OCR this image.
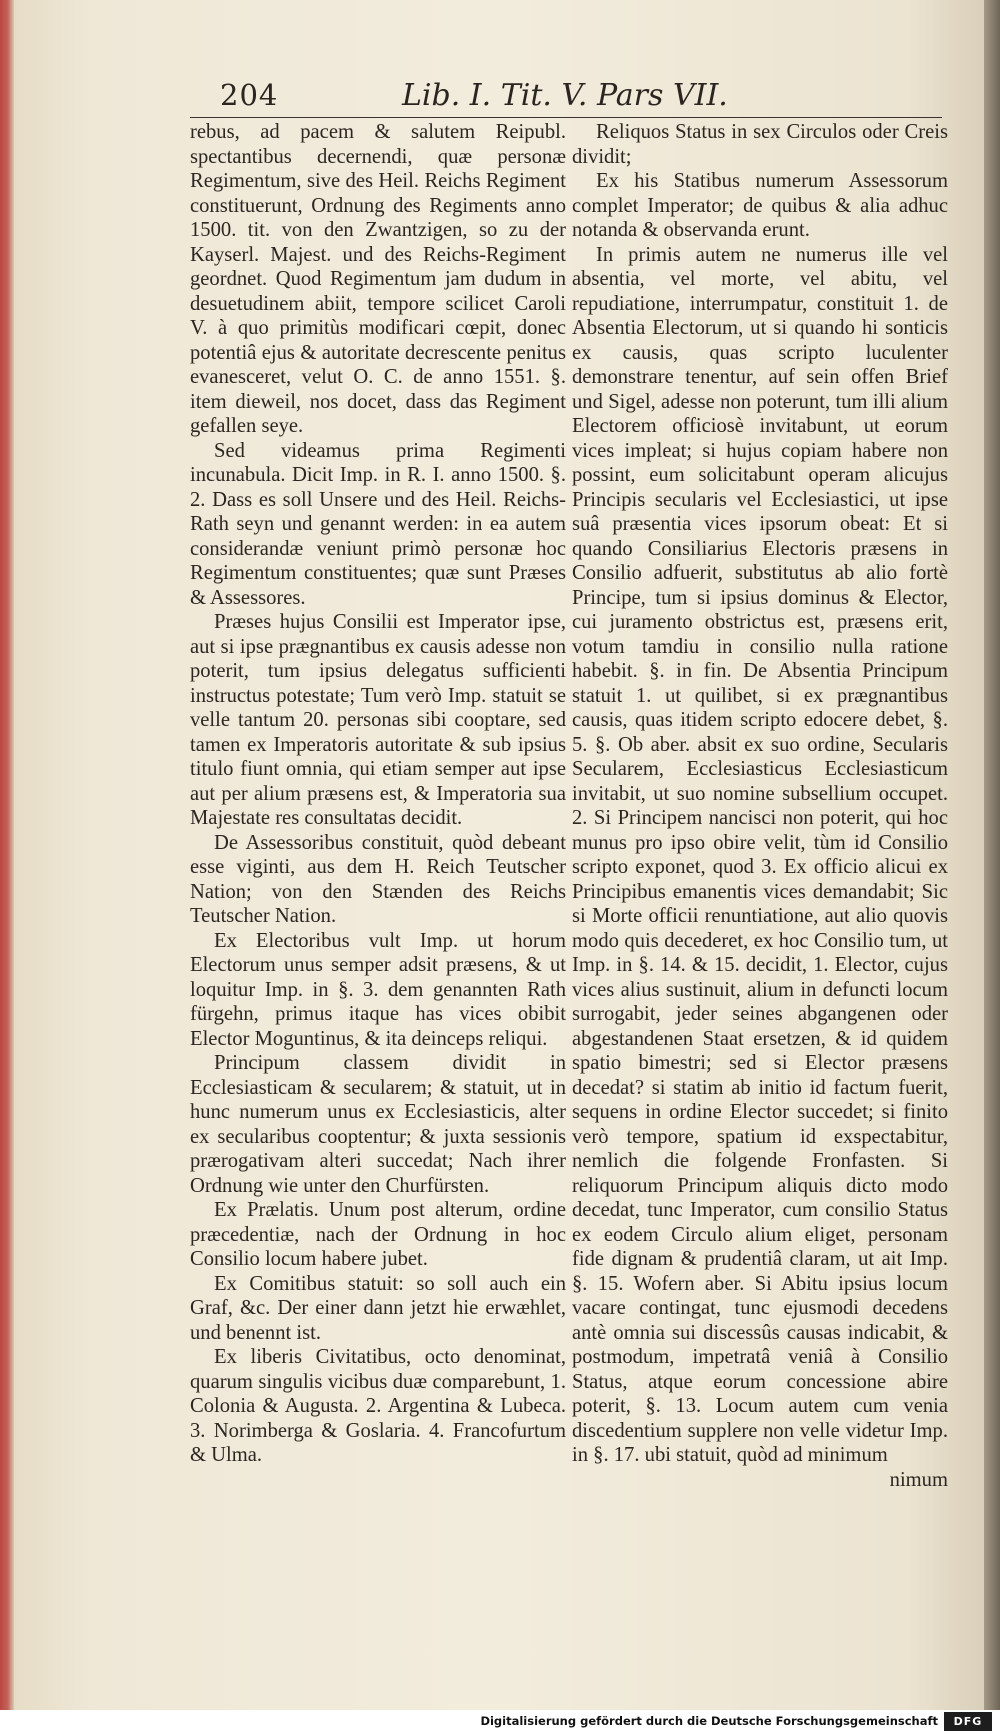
204	Lib. I. Tit. V. Pars VII.

rebus, ad pacem & salutem Reipubl. spectantibus decernendi, quæ personæ Regimentum, sive des Heil. Reichs Regiment constituerunt, Ordnung des Regiments anno 1500. tit. von den Zwantzigen, so zu der Kayserl. Majest. und des Reichs-Regiment geordnet. Quod Regimentum jam dudum in desuetudinem abiit, tempore scilicet Caroli V. à quo primitùs modificari cœpit, donec potentiâ ejus & autoritate decrescente penitus evanesceret, velut O. C. de anno 1551. §. item dieweil, nos docet, dass das Regiment gefallen seye.

Sed videamus prima Regimenti incunabula. Dicit Imp. in R. I. anno 1500. §. 2. Dass es soll Unsere und des Heil. Reichs-Rath seyn und genannt werden: in ea autem considerandæ veniunt primò personæ hoc Regimentum constituentes; quæ sunt Præses & Assessores.

Præses hujus Consilii est Imperator ipse, aut si ipse prægnantibus ex causis adesse non poterit, tum ipsius delegatus sufficienti instructus potestate; Tum verò Imp. statuit se velle tantum 20. personas sibi cooptare, sed tamen ex Imperatoris autoritate & sub ipsius titulo fiunt omnia, qui etiam semper aut ipse aut per alium præsens est, & Imperatoria sua Majestate res consultatas decidit.

De Assessoribus constituit, quòd debeant esse viginti, aus dem H. Reich Teutscher Nation; von den Stænden des Reichs Teutscher Nation.

Ex Electoribus vult Imp. ut horum Electorum unus semper adsit præsens, & ut loquitur Imp. in §. 3. dem genannten Rath fürgehn, primus itaque has vices obibit Elector Moguntinus, & ita deinceps reliqui.

Principum classem dividit in Ecclesiasticam & secularem; & statuit, ut in hunc numerum unus ex Ecclesiasticis, alter ex secularibus cooptentur; & juxta sessionis prærogativam alteri succedat; Nach ihrer Ordnung wie unter den Churfürsten.

Ex Prælatis. Unum post alterum, ordine præcedentiæ, nach der Ordnung in hoc Consilio locum habere jubet.

Ex Comitibus statuit: so soll auch ein Graf, &c. Der einer dann jetzt hie erwæhlet, und benennt ist.

Ex liberis Civitatibus, octo denominat, quarum singulis vicibus duæ comparebunt, 1. Colonia & Augusta. 2. Argentina & Lubeca. 3. Norimberga & Goslaria. 4. Francofurtum & Ulma.

Reliquos Status in sex Circulos oder Creis dividit;

Ex his Statibus numerum Assessorum complet Imperator; de quibus & alia adhuc notanda & observanda erunt.

In primis autem ne numerus ille vel absentia, vel morte, vel abitu, vel repudiatione, interrumpatur, constituit 1. de Absentia Electorum, ut si quando hi sonticis ex causis, quas scripto luculenter demonstrare tenentur, auf sein offen Brief und Sigel, adesse non poterunt, tum illi alium Electorem officiosè invitabunt, ut eorum vices impleat; si hujus copiam habere non possint, eum solicitabunt operam alicujus Principis secularis vel Ecclesiastici, ut ipse suâ præsentia vices ipsorum obeat: Et si quando Consiliarius Electoris præsens in Consilio adfuerit, substitutus ab alio fortè Principe, tum si ipsius dominus & Elector, cui juramento obstrictus est, præsens erit, votum tamdiu in consilio nulla ratione habebit. §. in fin. De Absentia Principum statuit 1. ut quilibet, si ex prægnantibus causis, quas itidem scripto edocere debet, §. 5. §. Ob aber. absit ex suo ordine, Secularis Secularem, Ecclesiasticus Ecclesiasticum invitabit, ut suo nomine subsellium occupet. 2. Si Principem nancisci non poterit, qui hoc munus pro ipso obire velit, tùm id Consilio scripto exponet, quod 3. Ex officio alicui ex Principibus emanentis vices demandabit; Sic si Morte officii renuntiatione, aut alio quovis modo quis decederet, ex hoc Consilio tum, ut Imp. in §. 14. & 15. decidit, 1. Elector, cujus vices alius sustinuit, alium in defuncti locum surrogabit, jeder seines abgangenen oder abgestandenen Staat ersetzen, & id quidem spatio bimestri; sed si Elector præsens decedat? si statim ab initio id factum fuerit, sequens in ordine Elector succedet; si finito verò tempore, spatium id exspectabitur, nemlich die folgende Fronfasten. Si reliquorum Principum aliquis dicto modo decedat, tunc Imperator, cum consilio Status ex eodem Circulo alium eliget, personam fide dignam & prudentiâ claram, ut ait Imp. §. 15. Wofern aber. Si Abitu ipsius locum vacare contingat, tunc ejusmodi decedens antè omnia sui discessûs causas indicabit, & postmodum, impetratâ veniâ à Consilio Status, atque eorum concessione abire poterit, §. 13. Locum autem cum venia discedentium supplere non velle videtur Imp. in §. 17. ubi statuit, quòd ad minimum

nimum

Digitalisierung gefördert durch die Deutsche Forschungsgemeinschaft	DFG
